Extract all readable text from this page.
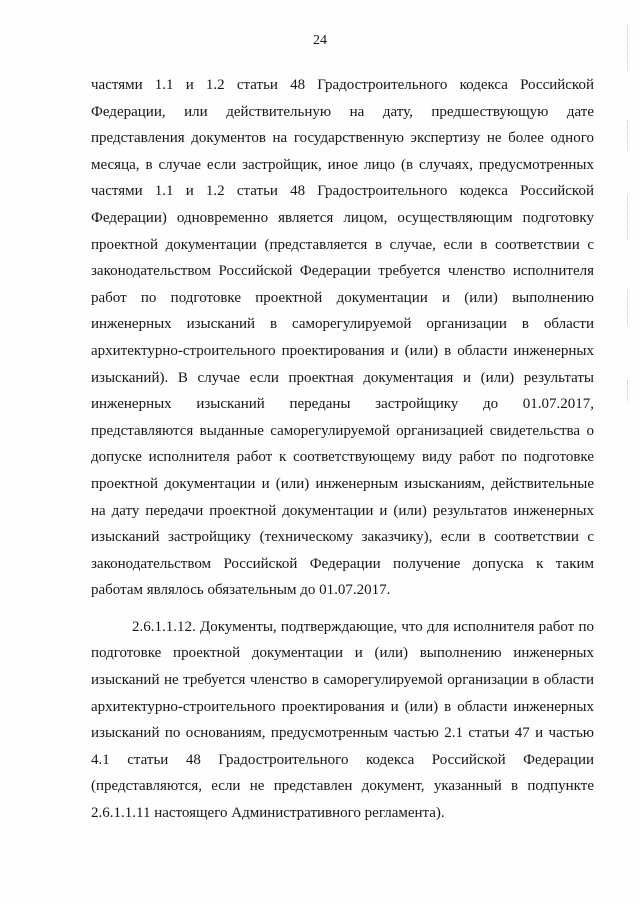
24

частями 1.1 и 1.2 статьи 48 Градостроительного кодекса Российской Федерации, или действительную на дату, предшествующую дате представления документов на государственную экспертизу не более одного месяца, в случае если застройщик, иное лицо (в случаях, предусмотренных частями 1.1 и 1.2 статьи 48 Градостроительного кодекса Российской Федерации) одновременно является лицом, осуществляющим подготовку проектной документации (представляется в случае, если в соответствии с законодательством Российской Федерации требуется членство исполнителя работ по подготовке проектной документации и (или) выполнению инженерных изысканий в саморегулируемой организации в области архитектурно-строительного проектирования и (или) в области инженерных изысканий). В случае если проектная документация и (или) результаты инженерных изысканий переданы застройщику до 01.07.2017, представляются выданные саморегулируемой организацией свидетельства о допуске исполнителя работ к соответствующему виду работ по подготовке проектной документации и (или) инженерным изысканиям, действительные на дату передачи проектной документации и (или) результатов инженерных изысканий застройщику (техническому заказчику), если в соответствии с законодательством Российской Федерации получение допуска к таким работам являлось обязательным до 01.07.2017.

2.6.1.1.12. Документы, подтверждающие, что для исполнителя работ по подготовке проектной документации и (или) выполнению инженерных изысканий не требуется членство в саморегулируемой организации в области архитектурно-строительного проектирования и (или) в области инженерных изысканий по основаниям, предусмотренным частью 2.1 статьи 47 и частью 4.1 статьи 48 Градостроительного кодекса Российской Федерации (представляются, если не представлен документ, указанный в подпункте 2.6.1.1.11 настоящего Административного регламента).
